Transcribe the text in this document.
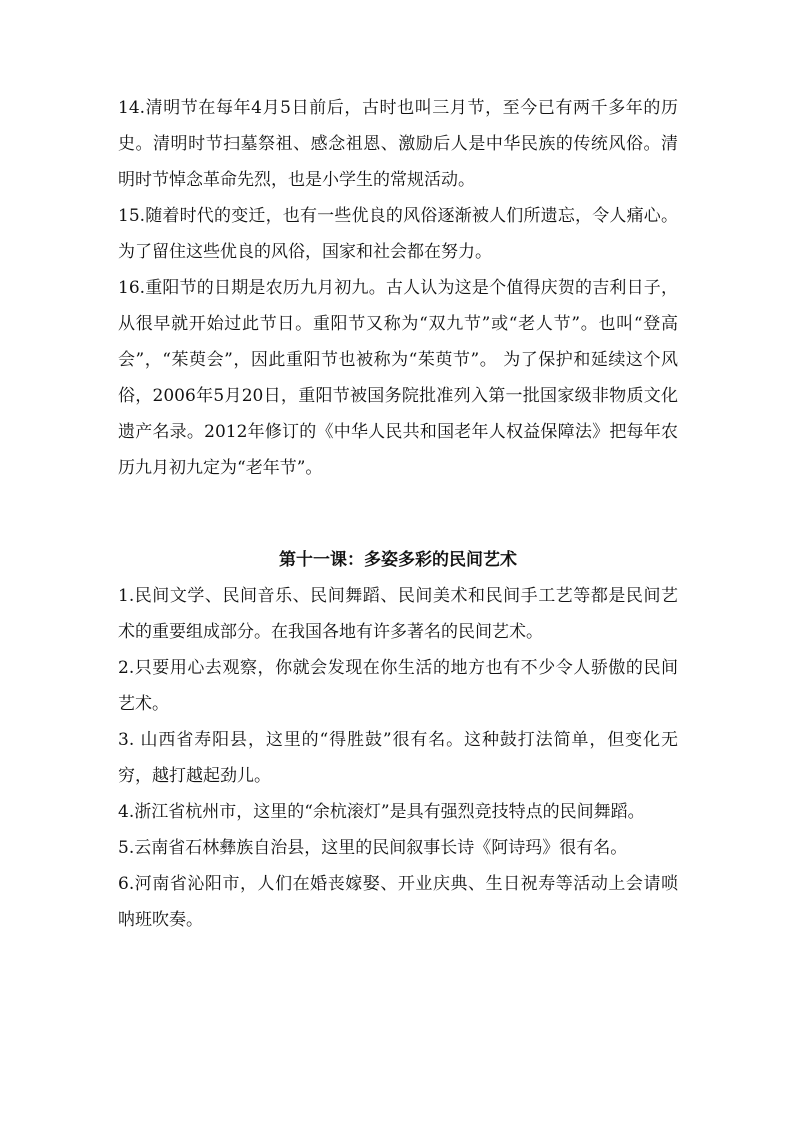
14.清明节在每年4月5日前后，古时也叫三月节，至今已有两千多年的历史。清明时节扫墓祭祖、感念祖恩、激励后人是中华民族的传统风俗。清明时节悼念革命先烈，也是小学生的常规活动。

15.随着时代的变迁，也有一些优良的风俗逐渐被人们所遗忘，令人痛心。为了留住这些优良的风俗，国家和社会都在努力。

16.重阳节的日期是农历九月初九。古人认为这是个值得庆贺的吉利日子，从很早就开始过此节日。重阳节又称为“双九节”或“老人节”。也叫“登高会”，“茱萸会”，因此重阳节也被称为“茱萸节”。 为了保护和延续这个风俗，2006年5月20日，重阳节被国务院批准列入第一批国家级非物质文化遗产名录。2012年修订的《中华人民共和国老年人权益保障法》把每年农历九月初九定为“老年节”。

第十一课：多姿多彩的民间艺术

1.民间文学、民间音乐、民间舞蹈、民间美术和民间手工艺等都是民间艺术的重要组成部分。在我国各地有许多著名的民间艺术。

2.只要用心去观察，你就会发现在你生活的地方也有不少令人骄傲的民间艺术。

3. 山西省寿阳县，这里的“得胜鼓”很有名。这种鼓打法简单，但变化无穷，越打越起劲儿。

4.浙江省杭州市，这里的“余杭滚灯”是具有强烈竞技特点的民间舞蹈。

5.云南省石林彝族自治县，这里的民间叙事长诗《阿诗玛》很有名。

6.河南省沁阳市，人们在婚丧嫁娶、开业庆典、生日祝寿等活动上会请唢呐班吹奏。
